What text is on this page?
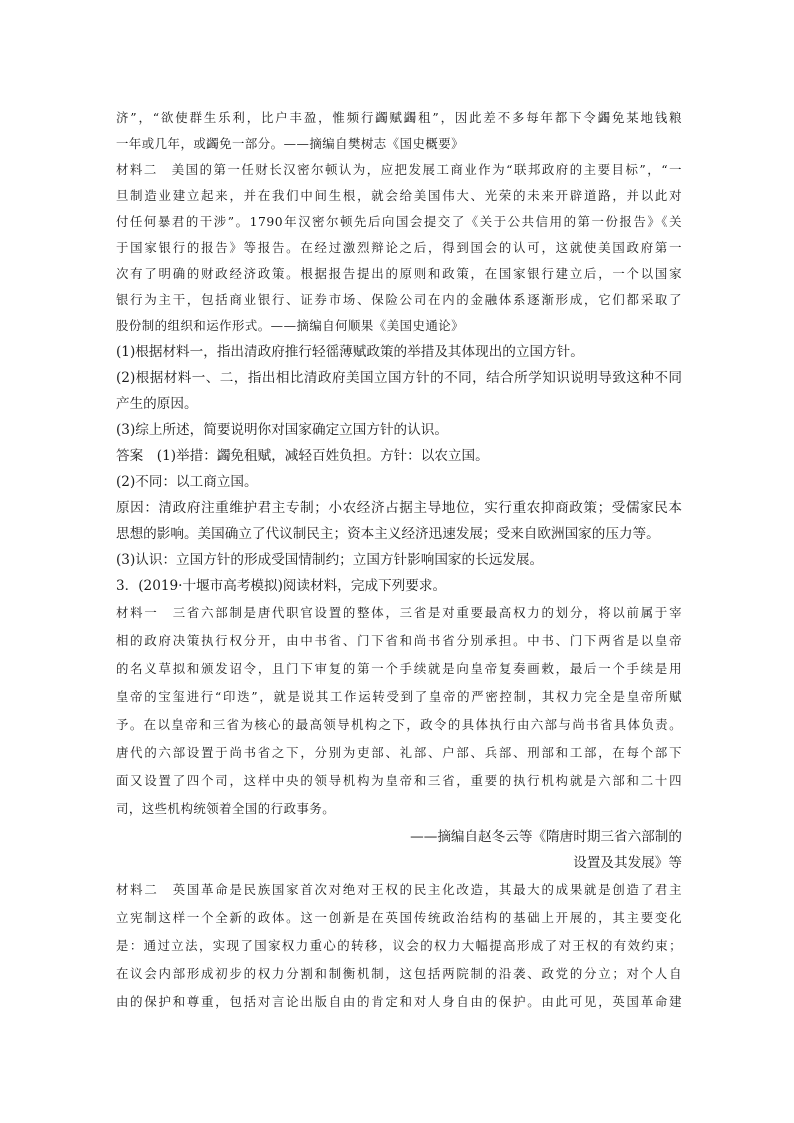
济”，“欲使群生乐利，比户丰盈，惟频行蠲赋蠲租”，因此差不多每年都下令蠲免某地钱粮
一年或几年，或蠲免一部分。——摘编自樊树志《国史概要》
材料二　美国的第一任财长汉密尔顿认为，应把发展工商业作为“联邦政府的主要目标”，“一
旦制造业建立起来，并在我们中间生根，就会给美国伟大、光荣的未来开辟道路，并以此对
付任何暴君的干涉”。1790年汉密尔顿先后向国会提交了《关于公共信用的第一份报告》《关
于国家银行的报告》等报告。在经过激烈辩论之后，得到国会的认可，这就使美国政府第一
次有了明确的财政经济政策。根据报告提出的原则和政策，在国家银行建立后，一个以国家
银行为主干，包括商业银行、证券市场、保险公司在内的金融体系逐渐形成，它们都采取了
股份制的组织和运作形式。——摘编自何顺果《美国史通论》
(1)根据材料一，指出清政府推行轻徭薄赋政策的举措及其体现出的立国方针。
(2)根据材料一、二，指出相比清政府美国立国方针的不同，结合所学知识说明导致这种不同
产生的原因。
(3)综上所述，简要说明你对国家确定立国方针的认识。
答案　(1)举措：蠲免租赋，减轻百姓负担。方针：以农立国。
(2)不同：以工商立国。
原因：清政府注重维护君主专制；小农经济占据主导地位，实行重农抑商政策；受儒家民本
思想的影响。美国确立了代议制民主；资本主义经济迅速发展；受来自欧洲国家的压力等。
(3)认识：立国方针的形成受国情制约；立国方针影响国家的长远发展。
3．(2019·十堰市高考模拟)阅读材料，完成下列要求。
材料一　三省六部制是唐代职官设置的整体，三省是对重要最高权力的划分，将以前属于宰
相的政府决策执行权分开，由中书省、门下省和尚书省分别承担。中书、门下两省是以皇帝
的名义草拟和颁发诏令，且门下审复的第一个手续就是向皇帝复奏画敕，最后一个手续是用
皇帝的宝玺进行“印迭”，就是说其工作运转受到了皇帝的严密控制，其权力完全是皇帝所赋
予。在以皇帝和三省为核心的最高领导机构之下，政令的具体执行由六部与尚书省具体负责。
唐代的六部设置于尚书省之下，分别为吏部、礼部、户部、兵部、刑部和工部，在每个部下
面又设置了四个司，这样中央的领导机构为皇帝和三省，重要的执行机构就是六部和二十四
司，这些机构统领着全国的行政事务。
——摘编自赵冬云等《隋唐时期三省六部制的
设置及其发展》等
材料二　英国革命是民族国家首次对绝对王权的民主化改造，其最大的成果就是创造了君主
立宪制这样一个全新的政体。这一创新是在英国传统政治结构的基础上开展的，其主要变化
是：通过立法，实现了国家权力重心的转移，议会的权力大幅提高形成了对王权的有效约束；
在议会内部形成初步的权力分割和制衡机制，这包括两院制的沿袭、政党的分立；对个人自
由的保护和尊重，包括对言论出版自由的肯定和对人身自由的保护。由此可见，英国革命建
